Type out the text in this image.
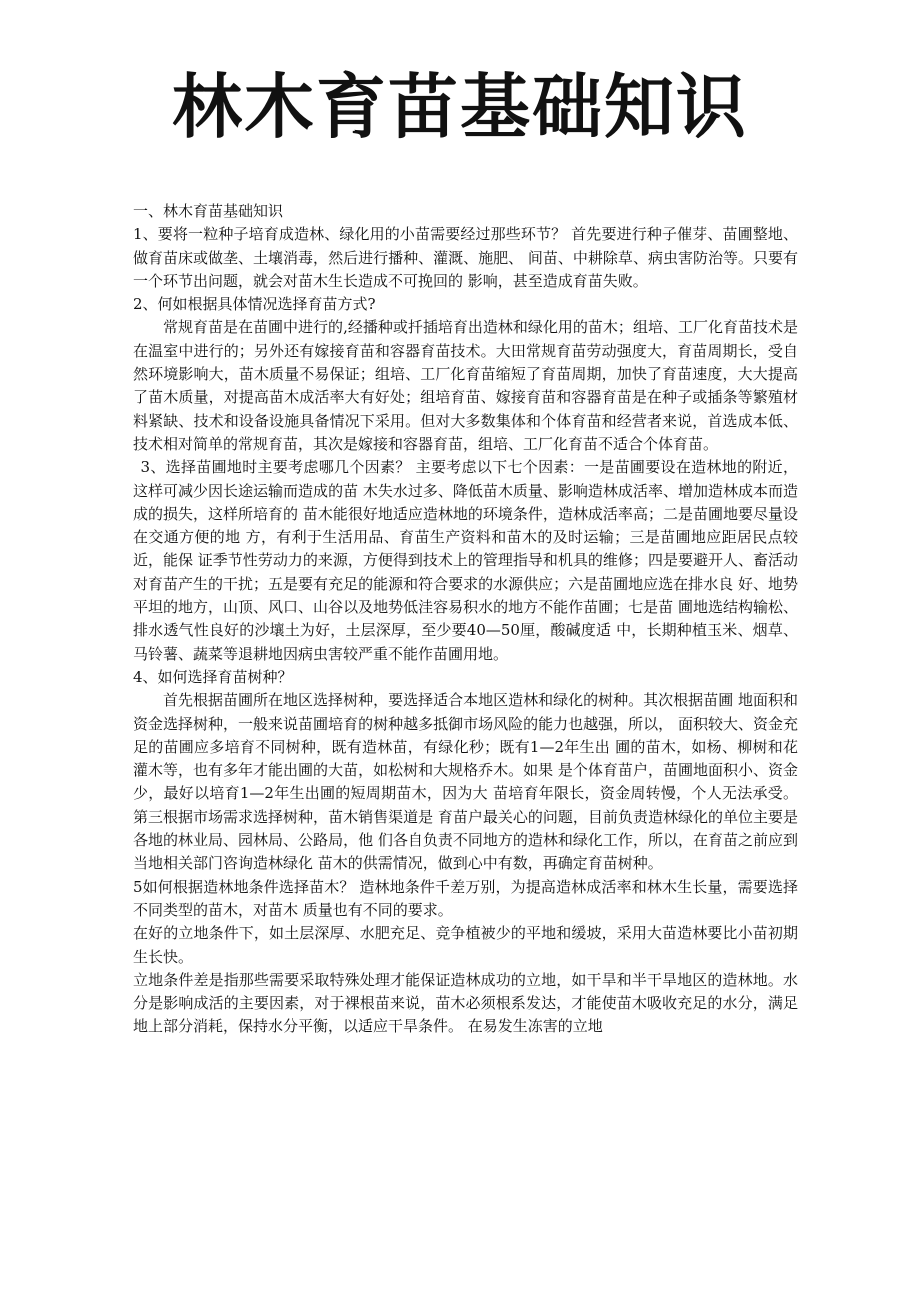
林木育苗基础知识

一、林木育苗基础知识

1、要将一粒种子培育成造林、绿化用的小苗需要经过那些环节？ 首先要进行种子催芽、苗圃整地、做育苗床或做垄、土壤消毒，然后进行播种、灌溉、施肥、 间苗、中耕除草、病虫害防治等。只要有一个环节出问题，就会对苗木生长造成不可挽回的 影响，甚至造成育苗失败。

2、何如根据具体情况选择育苗方式?

常规育苗是在苗圃中进行的,经播种或扦插培育出造林和绿化用的苗木；组培、工厂化育苗技术是在温室中进行的；另外还有嫁接育苗和容器育苗技术。大田常规育苗劳动强度大，育苗周期长，受自然环境影响大，苗木质量不易保证；组培、工厂化育苗缩短了育苗周期，加快了育苗速度，大大提高了苗木质量，对提高苗木成活率大有好处；组培育苗、嫁接育苗和容器育苗是在种子或插条等繁殖材料紧缺、技术和设备设施具备情况下采用。但对大多数集体和个体育苗和经营者来说，首选成本低、技术相对简单的常规育苗，其次是嫁接和容器育苗，组培、工厂化育苗不适合个体育苗。

3、选择苗圃地时主要考虑哪几个因素？ 主要考虑以下七个因素：一是苗圃要设在造林地的附近，这样可减少因长途运输而造成的苗 木失水过多、降低苗木质量、影响造林成活率、增加造林成本而造成的损失，这样所培育的 苗木能很好地适应造林地的环境条件，造林成活率高；二是苗圃地要尽量设在交通方便的地 方，有利于生活用品、育苗生产资料和苗木的及时运输；三是苗圃地应距居民点较近，能保 证季节性劳动力的来源，方便得到技术上的管理指导和机具的维修；四是要避开人、畜活动 对育苗产生的干扰；五是要有充足的能源和符合要求的水源供应；六是苗圃地应选在排水良 好、地势平坦的地方，山顶、风口、山谷以及地势低洼容易积水的地方不能作苗圃；七是苗 圃地选结构输松、排水透气性良好的沙壤土为好，土层深厚，至少要40—50厘，酸碱度适 中，长期种植玉米、烟草、马铃薯、蔬菜等退耕地因病虫害较严重不能作苗圃用地。

4、如何选择育苗树种？

首先根据苗圃所在地区选择树种，要选择适合本地区造林和绿化的树种。其次根据苗圃 地面积和资金选择树种，一般来说苗圃培育的树种越多抵御市场风险的能力也越强，所以， 面积较大、资金充足的苗圃应多培育不同树种，既有造林苗，有绿化秒；既有1—2年生出 圃的苗木，如杨、柳树和花灌木等，也有多年才能出圃的大苗，如松树和大规格乔木。如果 是个体育苗户，苗圃地面积小、资金少，最好以培育1—2年生出圃的短周期苗木，因为大 苗培育年限长，资金周转慢，个人无法承受。第三根据市场需求选择树种，苗木销售渠道是 育苗户最关心的问题，目前负责造林绿化的单位主要是各地的林业局、园林局、公路局，他 们各自负责不同地方的造林和绿化工作，所以，在育苗之前应到当地相关部门咨询造林绿化 苗木的供需情况，做到心中有数，再确定育苗树种。

5如何根据造林地条件选择苗木？ 造林地条件千差万别，为提高造林成活率和林木生长量，需要选择不同类型的苗木，对苗木 质量也有不同的要求。

在好的立地条件下，如土层深厚、水肥充足、竞争植被少的平地和缓坡，采用大苗造林要比小苗初期生长快。

立地条件差是指那些需要采取特殊处理才能保证造林成功的立地，如干旱和半干旱地区的造林地。水分是影响成活的主要因素，对于裸根苗来说，苗木必须根系发达，才能使苗木吸收充足的水分，满足地上部分消耗，保持水分平衡，以适应干旱条件。 在易发生冻害的立地
